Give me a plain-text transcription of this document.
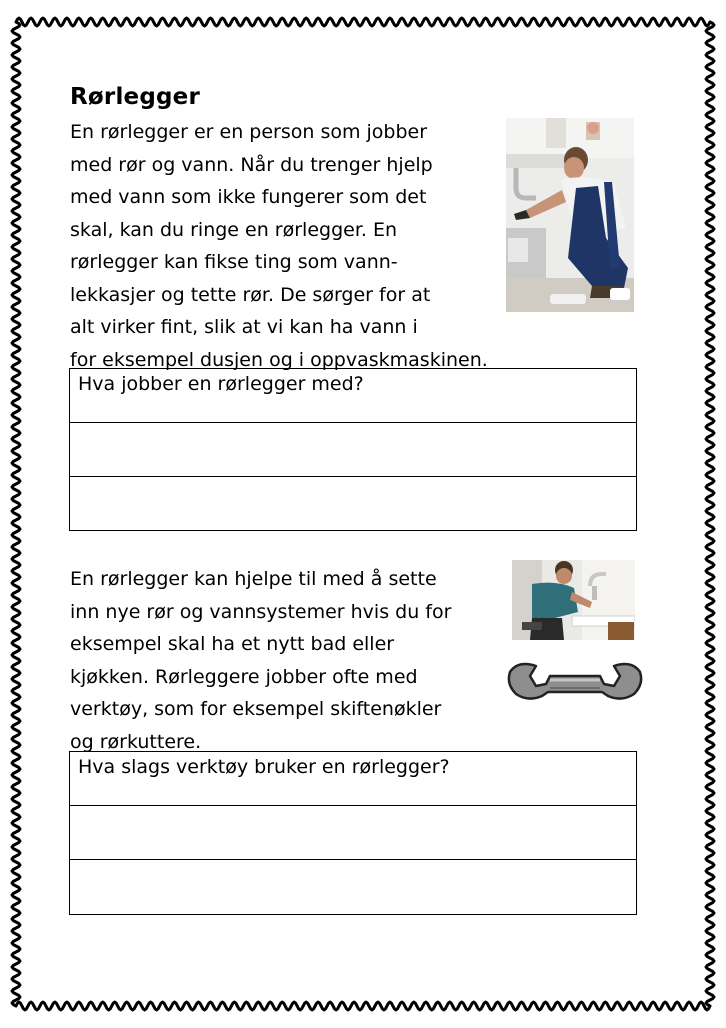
Rørlegger

En rørlegger er en person som jobber
med rør og vann. Når du trenger hjelp
med vann som ikke fungerer som det
skal, kan du ringe en rørlegger. En
rørlegger kan fikse ting som vann-
lekkasjer og tette rør. De sørger for at
alt virker fint, slik at vi kan ha vann i
for eksempel dusjen og i oppvaskmaskinen.

Hva jobber en rørlegger med?

En rørlegger kan hjelpe til med å sette
inn nye rør og vannsystemer hvis du for
eksempel skal ha et nytt bad eller
kjøkken. Rørleggere jobber ofte med
verktøy, som for eksempel skiftenøkler
og rørkuttere.

Hva slags verktøy bruker en rørlegger?
